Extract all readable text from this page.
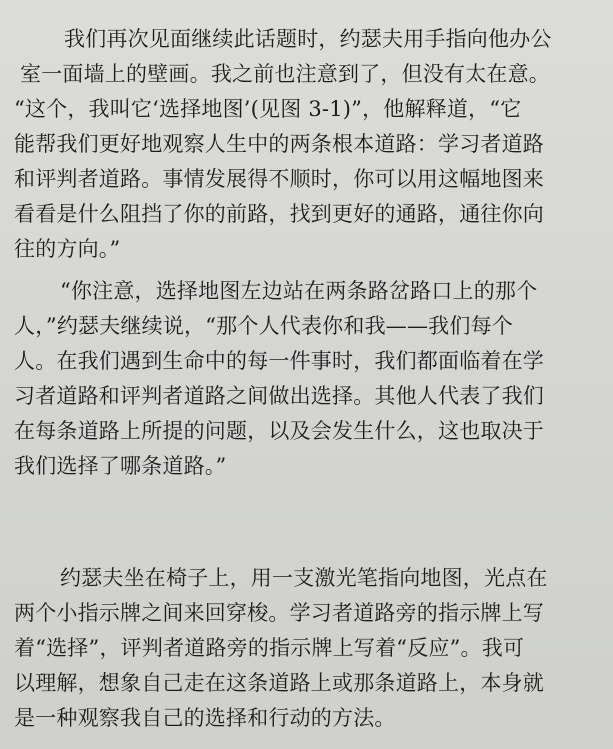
我们再次见面继续此话题时，约瑟夫用手指向他办公
室一面墙上的壁画。我之前也注意到了，但没有太在意。
“这个，我叫它‘选择地图’(见图 3-1)”，他解释道，“它
能帮我们更好地观察人生中的两条根本道路：学习者道路
和评判者道路。事情发展得不顺时，你可以用这幅地图来
看看是什么阻挡了你的前路，找到更好的通路，通往你向
往的方向。”
“你注意，选择地图左边站在两条路岔路口上的那个
人，”约瑟夫继续说，“那个人代表你和我——我们每个
人。在我们遇到生命中的每一件事时，我们都面临着在学
习者道路和评判者道路之间做出选择。其他人代表了我们
在每条道路上所提的问题，以及会发生什么，这也取决于
我们选择了哪条道路。”
约瑟夫坐在椅子上，用一支激光笔指向地图，光点在
两个小指示牌之间来回穿梭。学习者道路旁的指示牌上写
着“选择”，评判者道路旁的指示牌上写着“反应”。我可
以理解，想象自己走在这条道路上或那条道路上，本身就
是一种观察我自己的选择和行动的方法。
